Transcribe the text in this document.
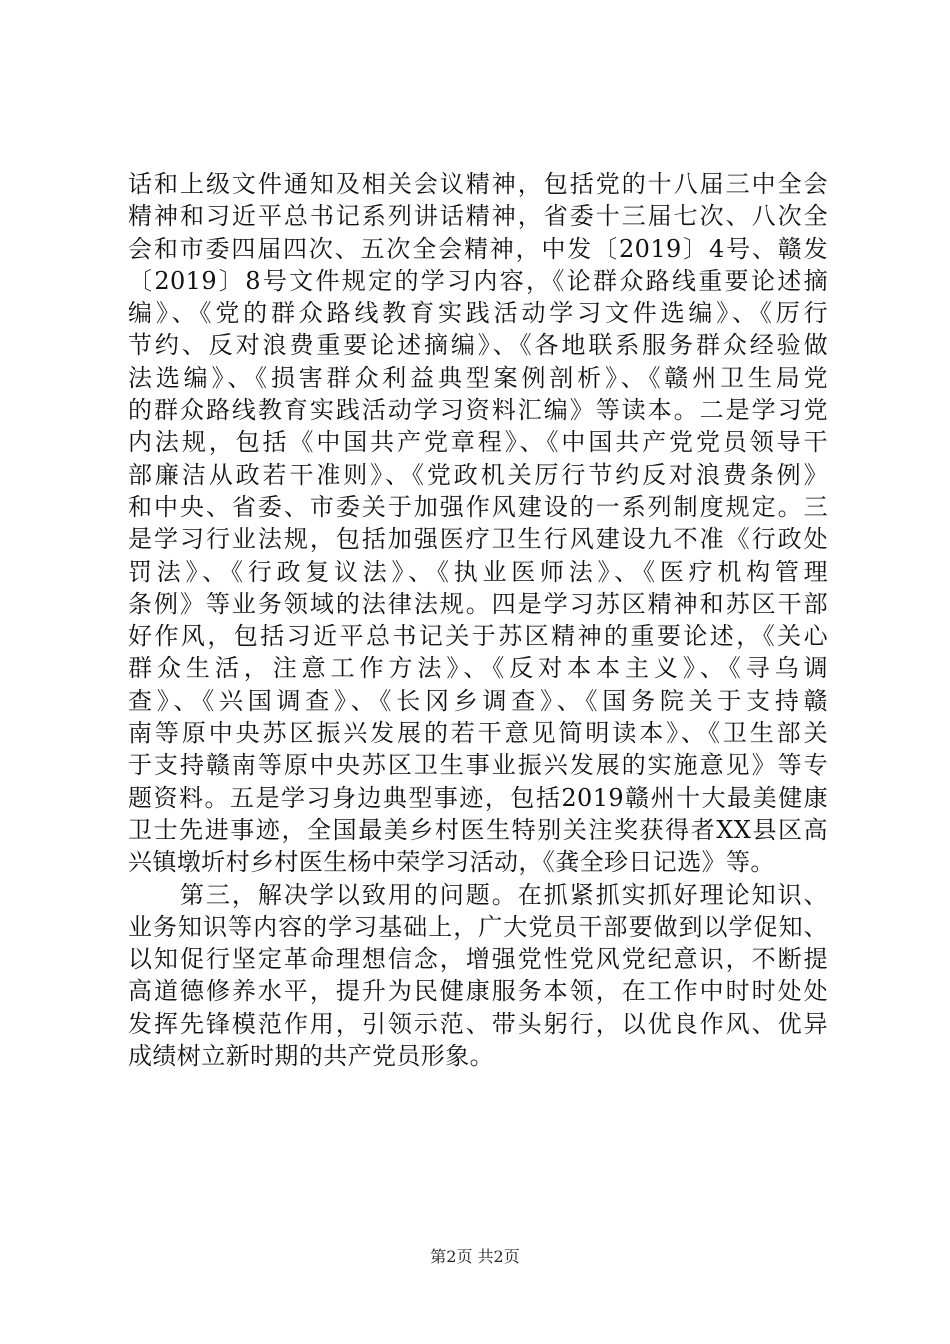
话和上级文件通知及相关会议精神，包括党的十八届三中全会
精神和习近平总书记系列讲话精神，省委十三届七次、八次全
会和市委四届四次、五次全会精神，中发〔2019〕4号、赣发
〔2019〕8号文件规定的学习内容，《论群众路线重要论述摘
编》、《党的群众路线教育实践活动学习文件选编》、《厉行
节约、反对浪费重要论述摘编》、《各地联系服务群众经验做
法选编》、《损害群众利益典型案例剖析》、《赣州卫生局党
的群众路线教育实践活动学习资料汇编》等读本。二是学习党
内法规，包括《中国共产党章程》、《中国共产党党员领导干
部廉洁从政若干准则》、《党政机关厉行节约反对浪费条例》
和中央、省委、市委关于加强作风建设的一系列制度规定。三
是学习行业法规，包括加强医疗卫生行风建设九不准《行政处
罚法》、《行政复议法》、《执业医师法》、《医疗机构管理
条例》等业务领域的法律法规。四是学习苏区精神和苏区干部
好作风，包括习近平总书记关于苏区精神的重要论述，《关心
群众生活，注意工作方法》、《反对本本主义》、《寻乌调
查》、《兴国调查》、《长冈乡调查》、《国务院关于支持赣
南等原中央苏区振兴发展的若干意见简明读本》、《卫生部关
于支持赣南等原中央苏区卫生事业振兴发展的实施意见》等专
题资料。五是学习身边典型事迹，包括2019赣州十大最美健康
卫士先进事迹，全国最美乡村医生特别关注奖获得者XX县区高
兴镇墩圻村乡村医生杨中荣学习活动，《龚全珍日记选》等。
　　第三，解决学以致用的问题。在抓紧抓实抓好理论知识、
业务知识等内容的学习基础上，广大党员干部要做到以学促知、
以知促行坚定革命理想信念，增强党性党风党纪意识，不断提
高道德修养水平，提升为民健康服务本领，在工作中时时处处
发挥先锋模范作用，引领示范、带头躬行，以优良作风、优异
成绩树立新时期的共产党员形象。
第2页 共2页
